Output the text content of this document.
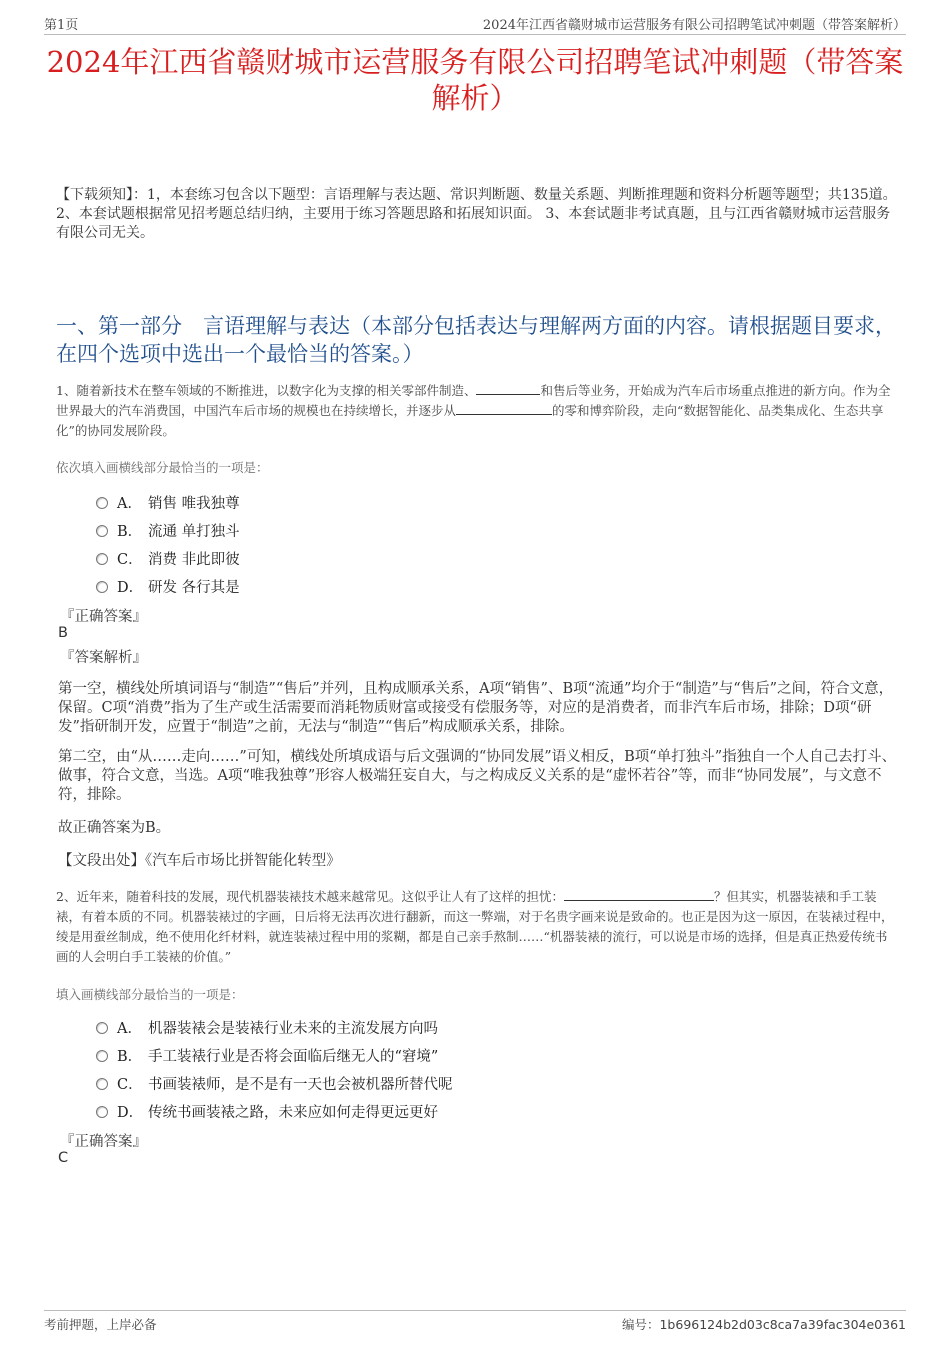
第1页	2024年江西省赣财城市运营服务有限公司招聘笔试冲刺题（带答案解析）
2024年江西省赣财城市运营服务有限公司招聘笔试冲刺题（带答案解析）
【下载须知】：1，本套练习包含以下题型：言语理解与表达题、常识判断题、数量关系题、判断推理题和资料分析题等题型；共135道。 2、本套试题根据常见招考题总结归纳，主要用于练习答题思路和拓展知识面。 3、本套试题非考试真题，且与江西省赣财城市运营服务有限公司无关。
一、第一部分　言语理解与表达（本部分包括表达与理解两方面的内容。请根据题目要求，在四个选项中选出一个最恰当的答案。）
1、随着新技术在整车领域的不断推进，以数字化为支撑的相关零部件制造、	和售后等业务，开始成为汽车后市场重点推进的新方向。作为全世界最大的汽车消费国，中国汽车后市场的规模也在持续增长，并逐步从	的零和博弈阶段，走向“数据智能化、品类集成化、生态共享化”的协同发展阶段。
依次填入画横线部分最恰当的一项是：
A． 销售 唯我独尊
B． 流通 单打独斗
C． 消费 非此即彼
D． 研发 各行其是
『正确答案』
B
『答案解析』
第一空，横线处所填词语与“制造”“售后”并列，且构成顺承关系，A项“销售”、B项“流通”均介于“制造”与“售后”之间，符合文意，保留。C项“消费”指为了生产或生活需要而消耗物质财富或接受有偿服务等，对应的是消费者，而非汽车后市场，排除；D项“研发”指研制开发，应置于“制造”之前，无法与“制造”“售后”构成顺承关系，排除。
第二空，由“从……走向……”可知，横线处所填成语与后文强调的“协同发展”语义相反，B项“单打独斗”指独自一个人自己去打斗、做事，符合文意，当选。A项“唯我独尊”形容人极端狂妄自大，与之构成反义关系的是“虚怀若谷”等，而非“协同发展”，与文意不符，排除。
故正确答案为B。
【文段出处】《汽车后市场比拼智能化转型》
2、近年来，随着科技的发展，现代机器装裱技术越来越常见。这似乎让人有了这样的担忧：	？但其实，机器装裱和手工装裱，有着本质的不同。机器装裱过的字画，日后将无法再次进行翻新，而这一弊端，对于名贵字画来说是致命的。也正是因为这一原因，在装裱过程中，绫是用蚕丝制成，绝不使用化纤材料，就连装裱过程中用的浆糊，都是自己亲手熬制……“机器装裱的流行，可以说是市场的选择，但是真正热爱传统书画的人会明白手工装裱的价值。”
填入画横线部分最恰当的一项是：
A． 机器装裱会是装裱行业未来的主流发展方向吗
B． 手工装裱行业是否将会面临后继无人的“窘境”
C． 书画装裱师，是不是有一天也会被机器所替代呢
D． 传统书画装裱之路，未来应如何走得更远更好
『正确答案』
C
考前押题，上岸必备	编号：1b696124b2d03c8ca7a39fac304e0361
